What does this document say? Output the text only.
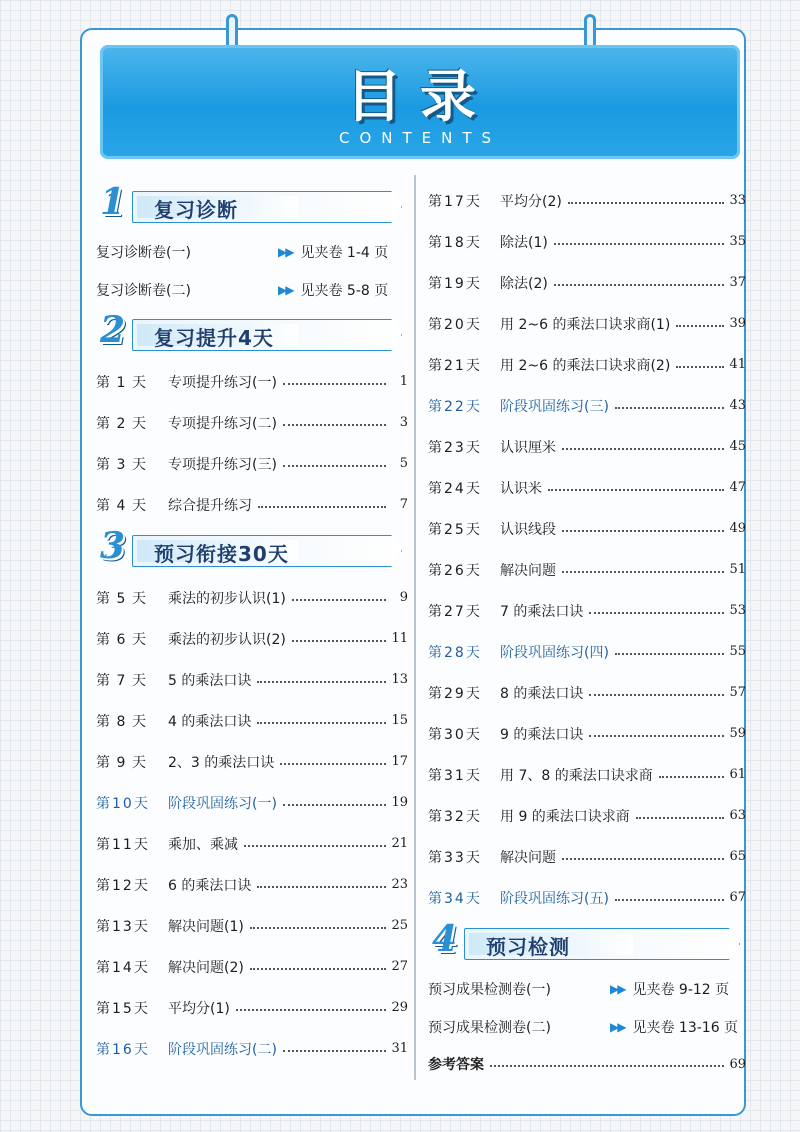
目录
CONTENTS
1 复习诊断
复习诊断卷(一)	▶▶ 见夹卷 1-4 页
复习诊断卷(二)	▶▶ 见夹卷 5-8 页
2 复习提升4天
第 1 天	专项提升练习(一)	1
第 2 天	专项提升练习(二)	3
第 3 天	专项提升练习(三)	5
第 4 天	综合提升练习	7
3 预习衔接30天
第 5 天	乘法的初步认识(1)	9
第 6 天	乘法的初步认识(2)	11
第 7 天	5 的乘法口诀	13
第 8 天	4 的乘法口诀	15
第 9 天	2、3 的乘法口诀	17
第10天	阶段巩固练习(一)	19
第11天	乘加、乘减	21
第12天	6 的乘法口诀	23
第13天	解决问题(1)	25
第14天	解决问题(2)	27
第15天	平均分(1)	29
第16天	阶段巩固练习(二)	31
第17天	平均分(2)	33
第18天	除法(1)	35
第19天	除法(2)	37
第20天	用 2~6 的乘法口诀求商(1)	39
第21天	用 2~6 的乘法口诀求商(2)	41
第22天	阶段巩固练习(三)	43
第23天	认识厘米	45
第24天	认识米	47
第25天	认识线段	49
第26天	解决问题	51
第27天	7 的乘法口诀	53
第28天	阶段巩固练习(四)	55
第29天	8 的乘法口诀	57
第30天	9 的乘法口诀	59
第31天	用 7、8 的乘法口诀求商	61
第32天	用 9 的乘法口诀求商	63
第33天	解决问题	65
第34天	阶段巩固练习(五)	67
4 预习检测
预习成果检测卷(一)	▶▶ 见夹卷 9-12 页
预习成果检测卷(二)	▶▶ 见夹卷 13-16 页
参考答案	69
